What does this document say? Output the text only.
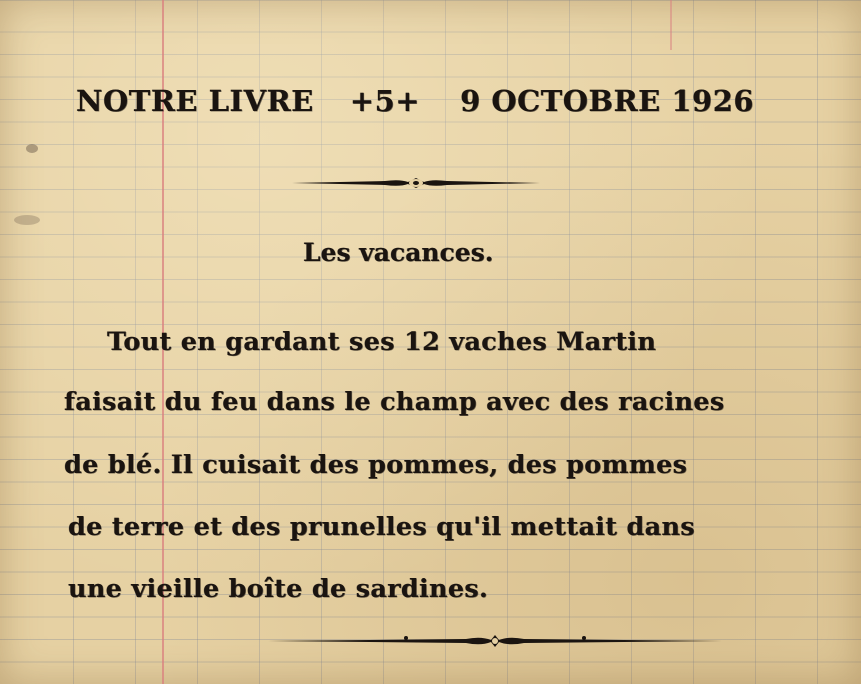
NOTRE LIVRE +5+ 9 OCTOBRE 1926
Les vacances.
Tout en gardant ses 12 vaches Martin
faisait du feu dans le champ avec des racines
de blé. Il cuisait des pommes, des pommes
de terre et des prunelles qu'il mettait dans
une vieille boîte de sardines.
